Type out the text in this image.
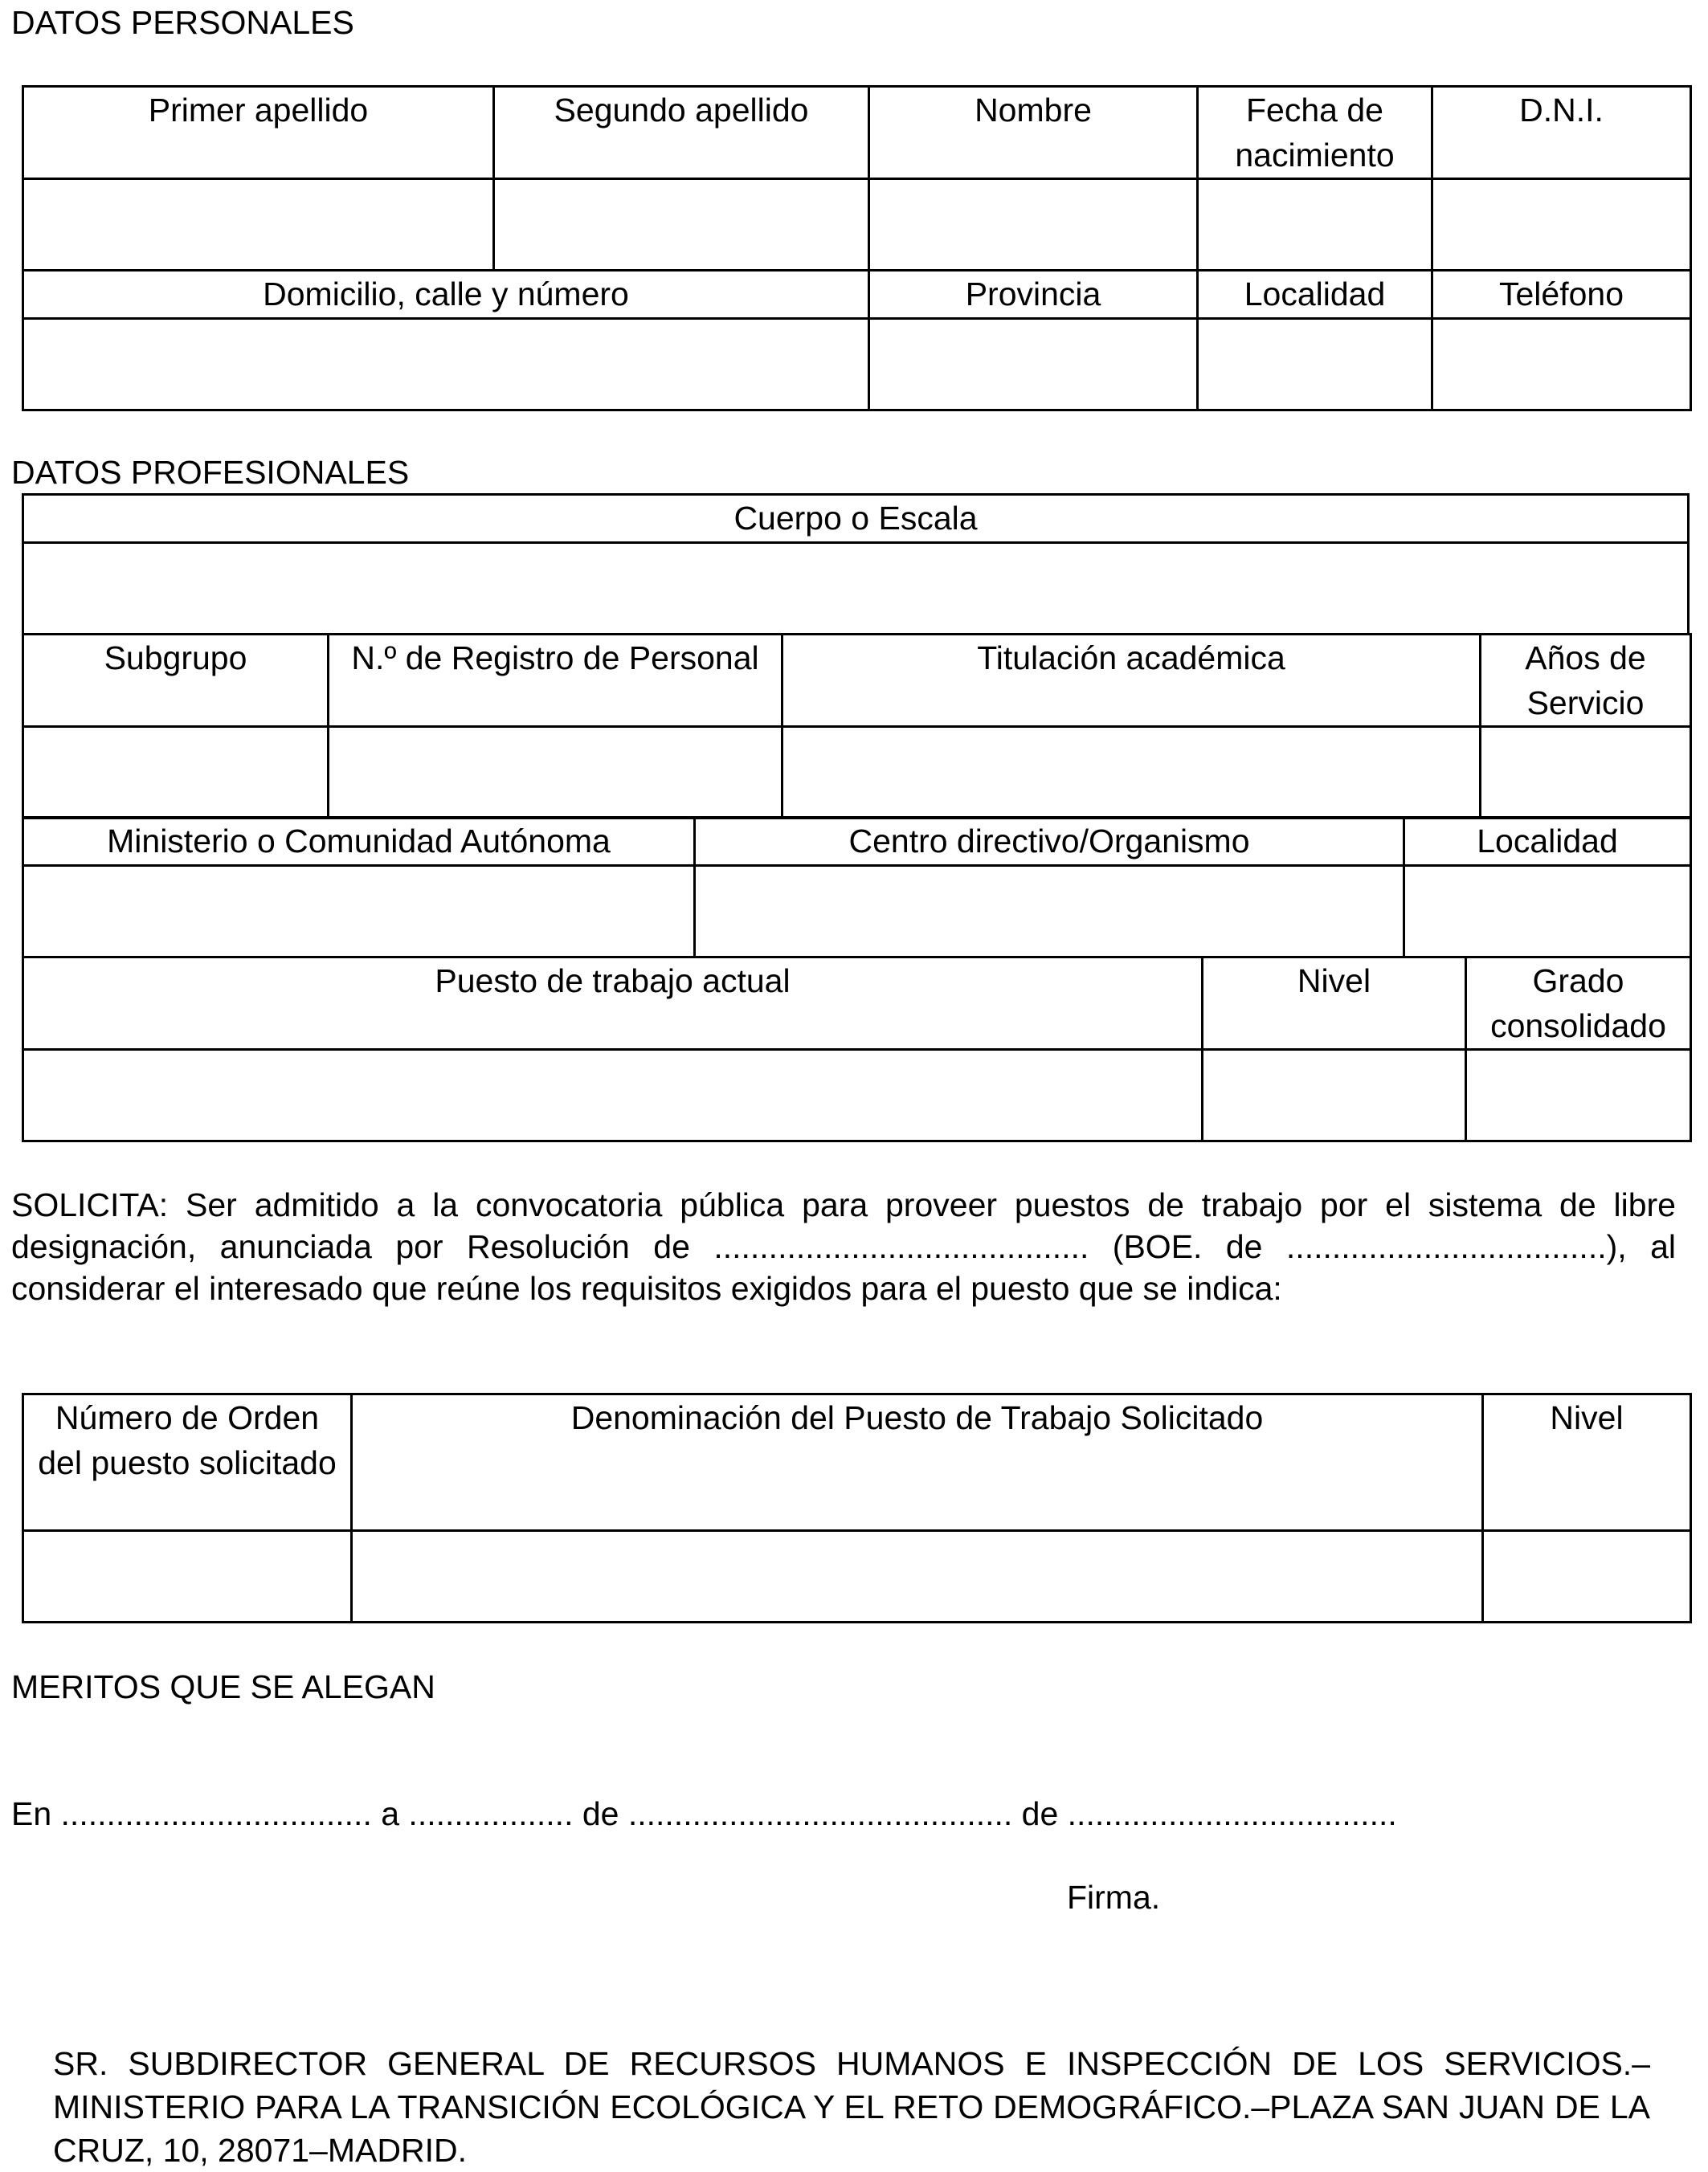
DATOS PERSONALES
Primer apellido	Segundo apellido	Nombre	Fecha de nacimiento	D.N.I.

Domicilio, calle y número		Provincia	Localidad	Teléfono

DATOS PROFESIONALES
Cuerpo o Escala

Subgrupo	N.º de Registro de Personal	Titulación académica	Años de Servicio

Ministerio o Comunidad Autónoma	Centro directivo/Organismo	Localidad

Puesto de trabajo actual	Nivel	Grado consolidado

SOLICITA: Ser admitido a la convocatoria pública para proveer puestos de trabajo por el sistema de libre designación, anunciada por Resolución de ......................................... (BOE. de ...................................), al considerar el interesado que reúne los requisitos exigidos para el puesto que se indica:

Número de Orden del puesto solicitado	Denominación del Puesto de Trabajo Solicitado	Nivel

MERITOS QUE SE ALEGAN
En .................................. a .................. de .......................................... de ....................................
Firma.
SR. SUBDIRECTOR GENERAL DE RECURSOS HUMANOS E INSPECCIÓN DE LOS SERVICIOS.–MINISTERIO PARA LA TRANSICIÓN ECOLÓGICA Y EL RETO DEMOGRÁFICO.–PLAZA SAN JUAN DE LA CRUZ, 10, 28071–MADRID.
